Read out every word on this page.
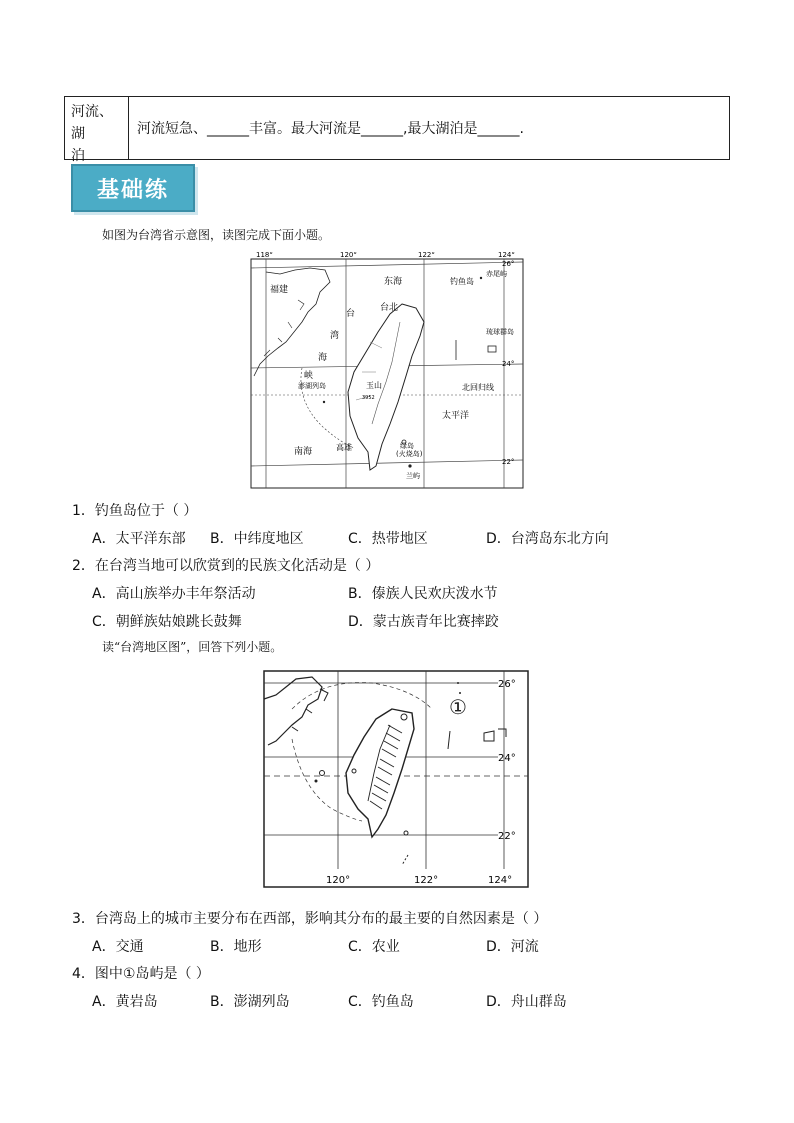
河流、湖
泊
河流短急、______丰富。最大河流是______,最大湖泊是______.
基础练
如图为台湾省示意图，读图完成下面小题。
118°	120°	122°	124°
26°
24°
22°
福建
东海	钓鱼岛
赤尾屿
台
台北
湾	琉球群岛
海
峡
澎湖列岛	玉山
3952
北回归线
太平洋
南海	高雄	绿岛
(火烧岛)
兰屿
1．钓鱼岛位于（ ）
A．太平洋东部 B．中纬度地区	C．热带地区	D．台湾岛东北方向
2．在台湾当地可以欣赏到的民族文化活动是（ ）
A．高山族举办丰年祭活动	B．傣族人民欢庆泼水节
C．朝鲜族姑娘跳长鼓舞	D．蒙古族青年比赛摔跤
读“台湾地区图”，回答下列小题。
①
120°	122°	124°
26°
24°
22°
3．台湾岛上的城市主要分布在西部，影响其分布的最主要的自然因素是（ ）
A．交通	B．地形	C．农业	D．河流
4．图中①岛屿是（ ）
A．黄岩岛	B．澎湖列岛	C．钓鱼岛	D．舟山群岛
